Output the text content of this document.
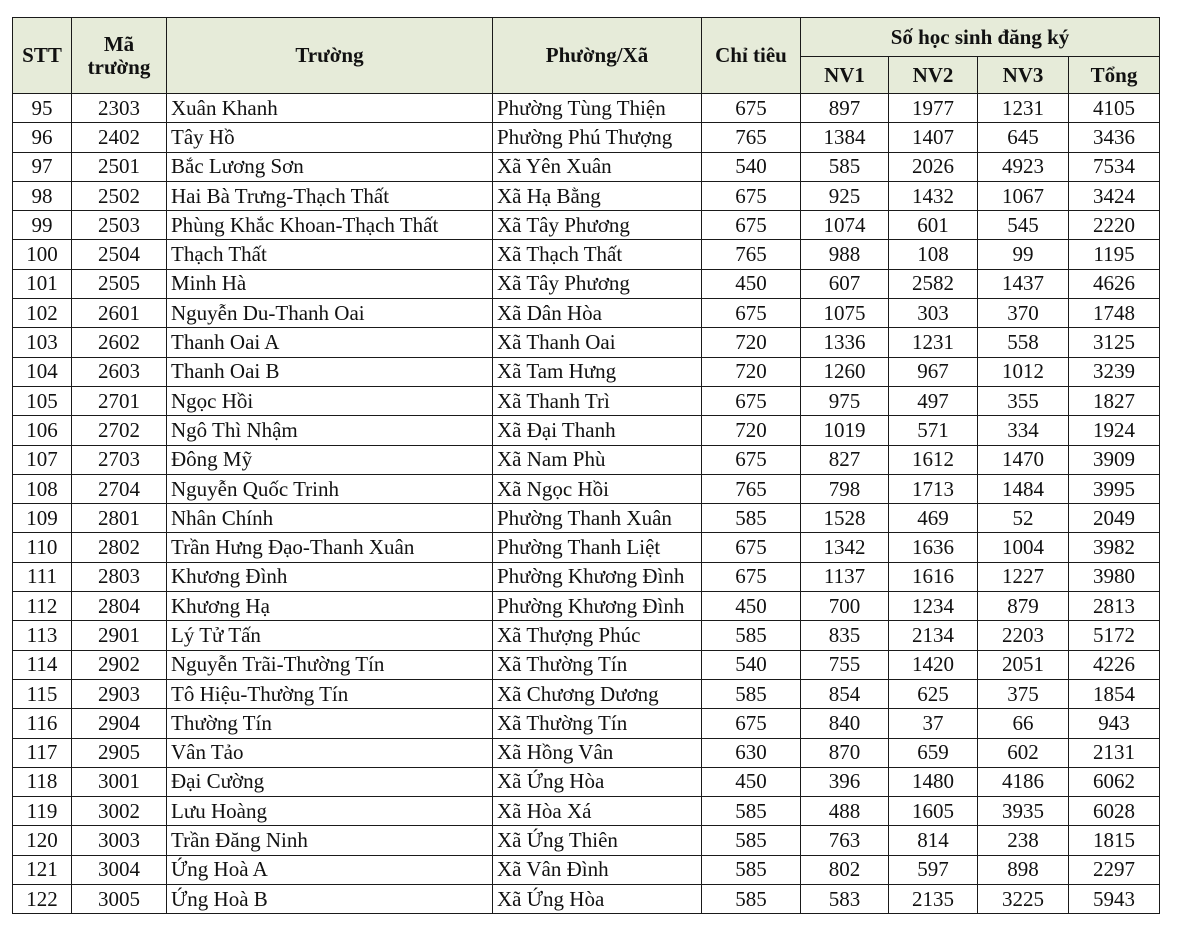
STT	Mã trường	Trường	Phường/Xã	Chỉ tiêu	Số học sinh đăng ký			
					NV1	NV2	NV3	Tổng
95	2303	Xuân Khanh	Phường Tùng Thiện	675	897	1977	1231	4105
96	2402	Tây Hồ	Phường Phú Thượng	765	1384	1407	645	3436
97	2501	Bắc Lương Sơn	Xã Yên Xuân	540	585	2026	4923	7534
98	2502	Hai Bà Trưng-Thạch Thất	Xã Hạ Bằng	675	925	1432	1067	3424
99	2503	Phùng Khắc Khoan-Thạch Thất	Xã Tây Phương	675	1074	601	545	2220
100	2504	Thạch Thất	Xã Thạch Thất	765	988	108	99	1195
101	2505	Minh Hà	Xã Tây Phương	450	607	2582	1437	4626
102	2601	Nguyễn Du-Thanh Oai	Xã Dân Hòa	675	1075	303	370	1748
103	2602	Thanh Oai A	Xã Thanh Oai	720	1336	1231	558	3125
104	2603	Thanh Oai B	Xã Tam Hưng	720	1260	967	1012	3239
105	2701	Ngọc Hồi	Xã Thanh Trì	675	975	497	355	1827
106	2702	Ngô Thì Nhậm	Xã Đại Thanh	720	1019	571	334	1924
107	2703	Đông Mỹ	Xã Nam Phù	675	827	1612	1470	3909
108	2704	Nguyễn Quốc Trinh	Xã Ngọc Hồi	765	798	1713	1484	3995
109	2801	Nhân Chính	Phường Thanh Xuân	585	1528	469	52	2049
110	2802	Trần Hưng Đạo-Thanh Xuân	Phường Thanh Liệt	675	1342	1636	1004	3982
111	2803	Khương Đình	Phường Khương Đình	675	1137	1616	1227	3980
112	2804	Khương Hạ	Phường Khương Đình	450	700	1234	879	2813
113	2901	Lý Tử Tấn	Xã Thượng Phúc	585	835	2134	2203	5172
114	2902	Nguyễn Trãi-Thường Tín	Xã Thường Tín	540	755	1420	2051	4226
115	2903	Tô Hiệu-Thường Tín	Xã Chương Dương	585	854	625	375	1854
116	2904	Thường Tín	Xã Thường Tín	675	840	37	66	943
117	2905	Vân Tảo	Xã Hồng Vân	630	870	659	602	2131
118	3001	Đại Cường	Xã Ứng Hòa	450	396	1480	4186	6062
119	3002	Lưu Hoàng	Xã Hòa Xá	585	488	1605	3935	6028
120	3003	Trần Đăng Ninh	Xã Ứng Thiên	585	763	814	238	1815
121	3004	Ứng Hoà A	Xã Vân Đình	585	802	597	898	2297
122	3005	Ứng Hoà B	Xã Ứng Hòa	585	583	2135	3225	5943
